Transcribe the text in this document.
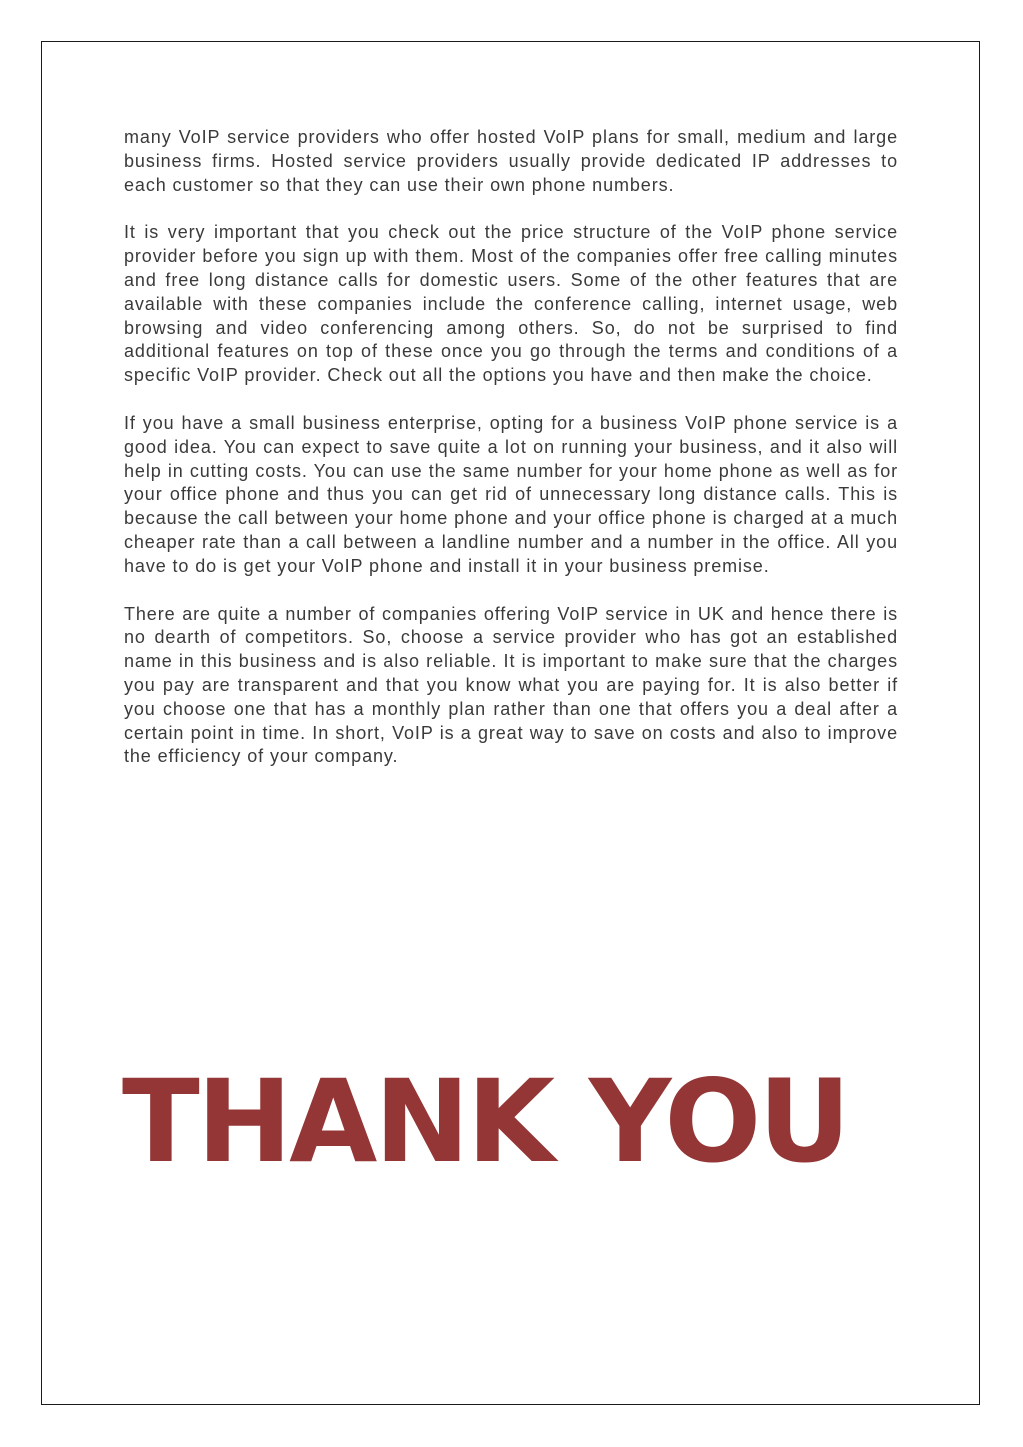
many VoIP service providers who offer hosted VoIP plans for small, medium and large business firms. Hosted service providers usually provide dedicated IP addresses to each customer so that they can use their own phone numbers.

It is very important that you check out the price structure of the VoIP phone service provider before you sign up with them. Most of the companies offer free calling minutes and free long distance calls for domestic users. Some of the other features that are available with these companies include the conference calling, internet usage, web browsing and video conferencing among others. So, do not be surprised to find additional features on top of these once you go through the terms and conditions of a specific VoIP provider. Check out all the options you have and then make the choice.

If you have a small business enterprise, opting for a business VoIP phone service is a good idea. You can expect to save quite a lot on running your business, and it also will help in cutting costs. You can use the same number for your home phone as well as for your office phone and thus you can get rid of unnecessary long distance calls. This is because the call between your home phone and your office phone is charged at a much cheaper rate than a call between a landline number and a number in the office. All you have to do is get your VoIP phone and install it in your business premise.

There are quite a number of companies offering VoIP service in UK and hence there is no dearth of competitors. So, choose a service provider who has got an established name in this business and is also reliable. It is important to make sure that the charges you pay are transparent and that you know what you are paying for. It is also better if you choose one that has a monthly plan rather than one that offers you a deal after a certain point in time. In short, VoIP is a great way to save on costs and also to improve the efficiency of your company.

THANK YOU
